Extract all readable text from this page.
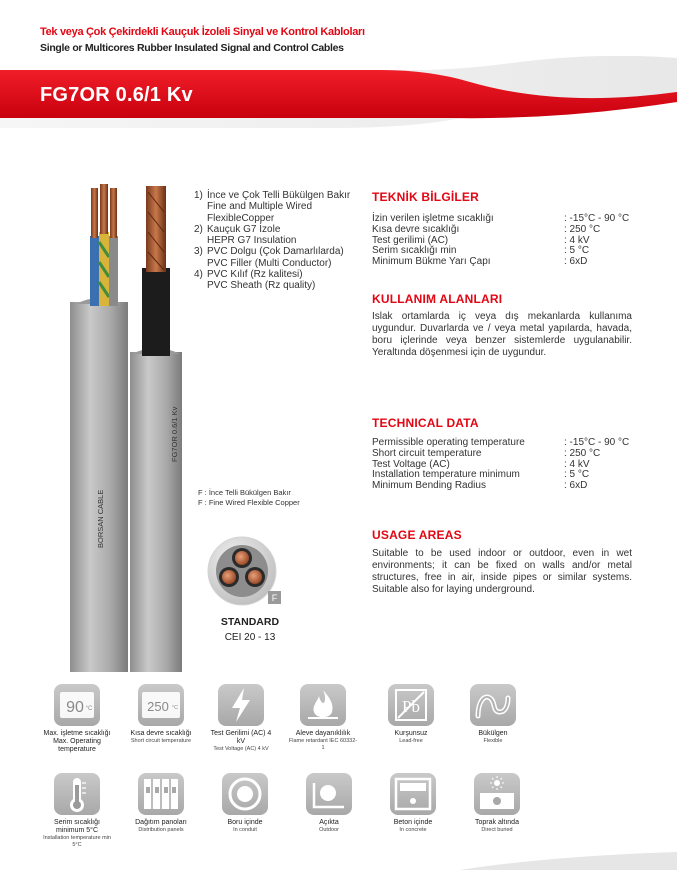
Tek veya Çok Çekirdekli Kauçuk İzoleli Sinyal ve Kontrol Kabloları
Single or Multicores Rubber Insulated Signal and Control Cables
FG7OR 0.6/1 Kv
FG7OR 0.6/1 Kv
BORSAN CABLE
1) İnce ve Çok Telli Bükülgen Bakır
Fine and Multiple Wired
FlexibleCopper
2) Kauçuk G7 İzole
HEPR G7 Insulation
3) PVC Dolgu (Çok Damarlılarda)
PVC Filler (Multi Conductor)
4) PVC Kılıf (Rz kalitesi)
PVC Sheath (Rz quality)
F : İnce Telli Bükülgen Bakır
F : Fine Wired Flexible Copper
F
STANDARD
CEI 20 - 13
TEKNİK BİLGİLER
İzin verilen işletme sıcaklığı	: -15°C - 90 °C
Kısa devre sıcaklığı	: 250 °C
Test gerilimi (AC)	: 4 kV
Serim sıcaklığı min	: 5 °C
Minimum Bükme Yarı Çapı	: 6xD
KULLANIM ALANLARI
Islak ortamlarda iç veya dış mekanlarda kullanıma uygundur. Duvarlarda ve / veya metal yapılarda, havada, boru içlerinde veya benzer sistemlerde uygulanabilir. Yeraltında döşenmesi için de uygundur.
TECHNICAL DATA
Permissible operating temperature	: -15°C - 90 °C
Short circuit temperature	: 250 °C
Test Voltage (AC)	: 4 kV
Installation temperature minimum	: 5 °C
Minimum Bending Radius	: 6xD
USAGE AREAS
Suitable to be used indoor or outdoor, even in wet environments; it can be fixed on walls and/or metal structures, free in air, inside pipes or similar systems. Suitable also for laying underground.
90 °C
Max. işletme sıcaklığı
Max. Operating temperature
250 °C
Kısa devre sıcaklığı
Short circuit temperature
Test Gerilimi (AC) 4 kV
Test Voltage (AC) 4 kV
Aleve dayanıklılık
Flame retardant IEC 60332-1
Pb
Kurşunsuz
Lead-free
Bükülgen
Flexible
Serim sıcaklığı minimum 5°C
Installation temperature min 5°C
Dağıtım panoları
Distribution panels
Boru içinde
In conduit
Açıkta
Outdoor
Beton içinde
In concrete
Toprak altında
Direct buried
